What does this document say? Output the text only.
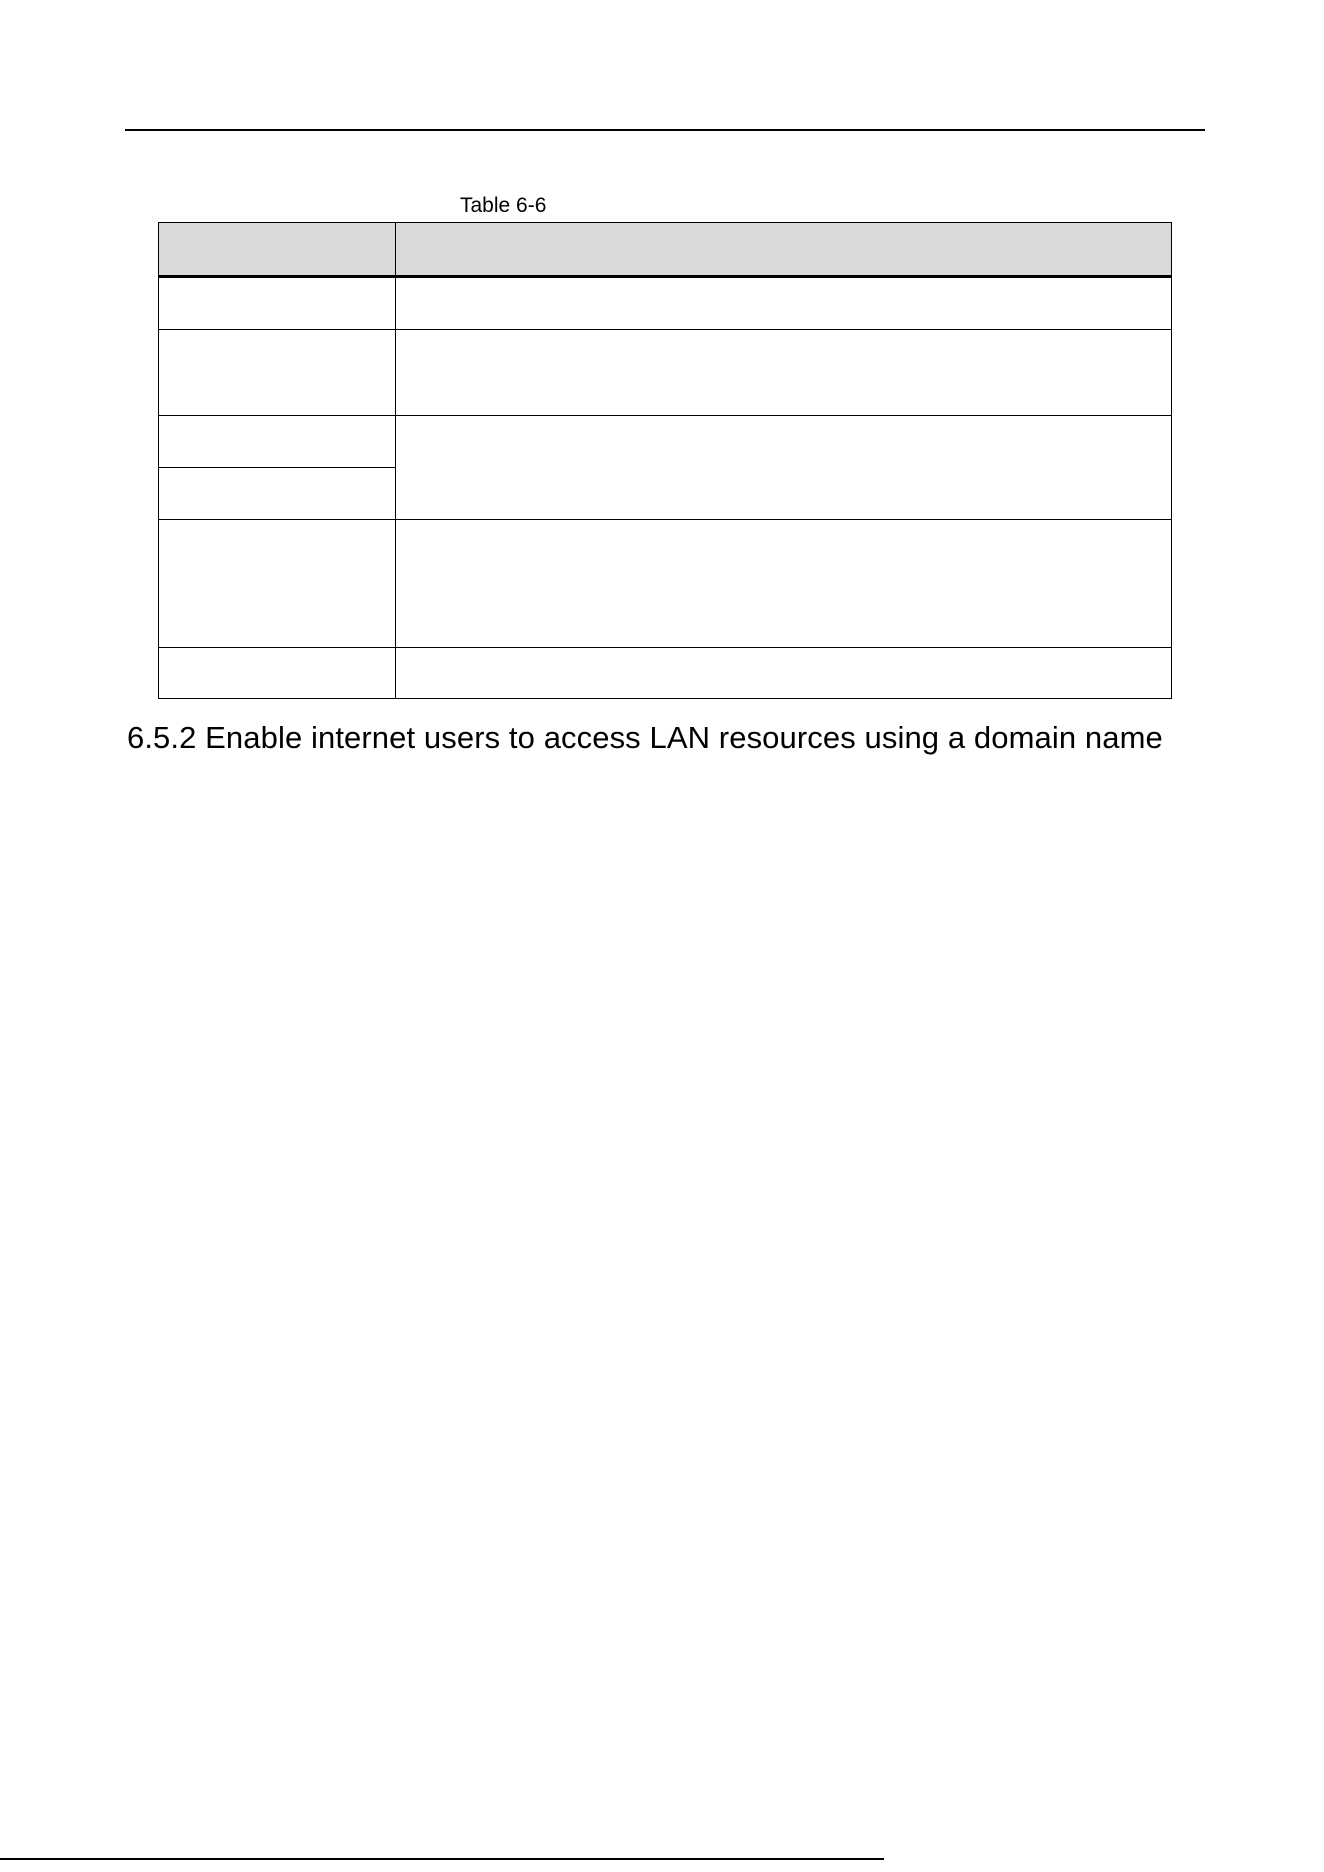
Table 6-6
6.5.2 Enable internet users to access LAN resources using a domain name
